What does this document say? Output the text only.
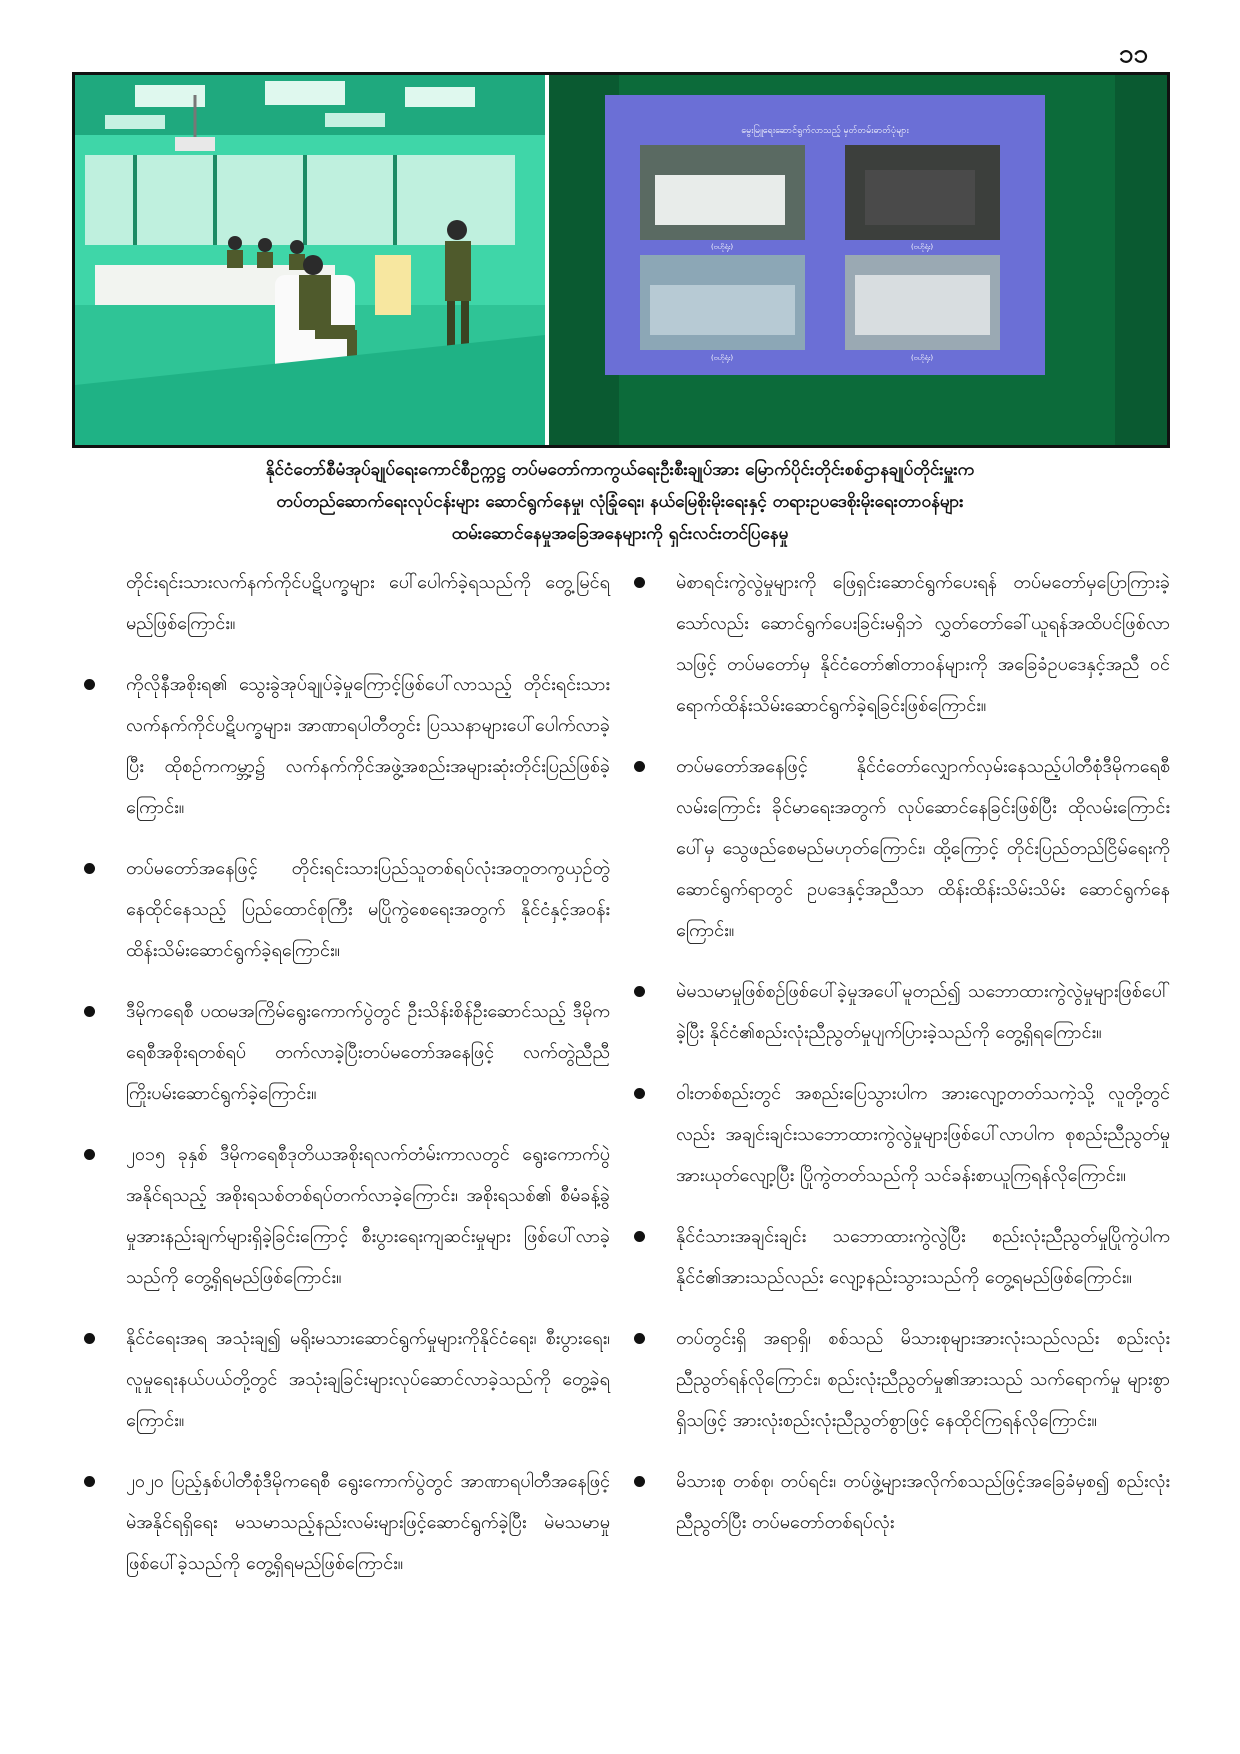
၁၁
မွေးမြူရေးဆောင်ရွက်လာသည့် မှတ်တမ်းဓာတ်ပုံများ
(ဗဟိုရုံး)	(ဗဟိုရုံး)
(ဗဟိုရုံး)	(ဗဟိုရုံး)
နိုင်ငံတော်စီမံအုပ်ချုပ်ရေးကောင်စီဥက္ကဋ္ဌ တပ်မတော်ကာကွယ်ရေးဦးစီးချုပ်အား မြောက်ပိုင်းတိုင်းစစ်ဌာနချုပ်တိုင်းမှူးက
တပ်တည်ဆောက်ရေးလုပ်ငန်းများ ဆောင်ရွက်နေမှု၊ လုံခြုံရေး၊ နယ်မြေစိုးမိုးရေးနှင့် တရားဥပဒေစိုးမိုးရေးတာဝန်များ
ထမ်းဆောင်နေမှုအခြေအနေများကို ရှင်းလင်းတင်ပြနေမှု
တိုင်းရင်းသားလက်နက်ကိုင်ပဋိပက္ခများ ပေါ်ပေါက်ခဲ့ရသည်ကို တွေ့မြင်ရမည်ဖြစ်ကြောင်း။
ကိုလိုနီအစိုးရ၏ သွေးခွဲအုပ်ချုပ်ခဲ့မှုကြောင့်ဖြစ်ပေါ်လာသည့် တိုင်းရင်းသားလက်နက်ကိုင်ပဋိပက္ခများ၊ အာဏာရပါတီတွင်း ပြဿနာများပေါ်ပေါက်လာခဲ့ပြီး ထိုစဉ်ကကမ္ဘာ့၌ လက်နက်ကိုင်အဖွဲ့အစည်းအများဆုံးတိုင်းပြည်ဖြစ်ခဲ့ကြောင်း။
တပ်မတော်အနေဖြင့် တိုင်းရင်းသားပြည်သူတစ်ရပ်လုံးအတူတကွယှဉ်တွဲနေထိုင်နေသည့် ပြည်ထောင်စုကြီး မပြိုကွဲစေရေးအတွက် နိုင်ငံနှင့်အဝန်း ထိန်းသိမ်းဆောင်ရွက်ခဲ့ရကြောင်း။
ဒီမိုကရေစီ ပထမအကြိမ်ရွေးကောက်ပွဲတွင် ဦးသိန်းစိန်ဦးဆောင်သည့် ဒီမိုကရေစီအစိုးရတစ်ရပ် တက်လာခဲ့ပြီးတပ်မတော်အနေဖြင့် လက်တွဲညီညီ ကြိုးပမ်းဆောင်ရွက်ခဲ့ကြောင်း။
၂၀၁၅ ခုနှစ် ဒီမိုကရေစီဒုတိယအစိုးရလက်တံမ်းကာလတွင် ရွေးကောက်ပွဲ အနိုင်ရသည့် အစိုးရသစ်တစ်ရပ်တက်လာခဲ့ကြောင်း၊ အစိုးရသစ်၏ စီမံခန့်ခွဲမှုအားနည်းချက်များရှိခဲ့ခြင်းကြောင့် စီးပွားရေးကျဆင်းမှုများ ဖြစ်ပေါ်လာခဲ့သည်ကို တွေ့ရှိရမည်ဖြစ်ကြောင်း။
နိုင်ငံရေးအရ အသုံးချ၍ မရိုးမသားဆောင်ရွက်မှုများကိုနိုင်ငံရေး၊ စီးပွားရေး၊ လူမှုရေးနယ်ပယ်တို့တွင် အသုံးချခြင်းများလုပ်ဆောင်လာခဲ့သည်ကို တွေ့ခဲ့ရကြောင်း။
၂၀၂၀ ပြည့်နှစ်ပါတီစုံဒီမိုကရေစီ ရွေးကောက်ပွဲတွင် အာဏာရပါတီအနေဖြင့် မဲအနိုင်ရရှိရေး မသမာသည့်နည်းလမ်းများဖြင့်ဆောင်ရွက်ခဲ့ပြီး မဲမသမာမှု ဖြစ်ပေါ်ခဲ့သည်ကို တွေ့ရှိရမည်ဖြစ်ကြောင်း။
မဲစာရင်းကွဲလွဲမှုများကို ဖြေရှင်းဆောင်ရွက်ပေးရန် တပ်မတော်မှပြောကြားခဲ့သော်လည်း ဆောင်ရွက်ပေးခြင်းမရှိဘဲ လွှတ်တော်ခေါ်ယူရန်အထိပင်ဖြစ်လာသဖြင့် တပ်မတော်မှ နိုင်ငံတော်၏တာဝန်များကို အခြေခံဥပဒေနှင့်အညီ ဝင်ရောက်ထိန်းသိမ်းဆောင်ရွက်ခဲ့ရခြင်းဖြစ်ကြောင်း။
တပ်မတော်အနေဖြင့် နိုင်ငံတော်လျှောက်လှမ်းနေသည့်ပါတီစုံဒီမိုကရေစီလမ်းကြောင်း ခိုင်မာရေးအတွက် လုပ်ဆောင်နေခြင်းဖြစ်ပြီး ထိုလမ်းကြောင်းပေါ်မှ သွေဖည်စေမည်မဟုတ်ကြောင်း၊ ထို့ကြောင့် တိုင်းပြည်တည်ငြိမ်ရေးကို ဆောင်ရွက်ရာတွင် ဥပဒေနှင့်အညီသာ ထိန်းထိန်းသိမ်းသိမ်း ဆောင်ရွက်နေကြောင်း။
မဲမသမာမှုဖြစ်စဉ်ဖြစ်ပေါ်ခဲ့မှုအပေါ်မူတည်၍ သဘောထားကွဲလွဲမှုများဖြစ်ပေါ်ခဲ့ပြီး နိုင်ငံ၏စည်းလုံးညီညွတ်မှုပျက်ပြားခဲ့သည်ကို တွေ့ရှိရကြောင်း။
ဝါးတစ်စည်းတွင် အစည်းပြေသွားပါက အားလျော့တတ်သကဲ့သို့ လူတို့တွင်လည်း အချင်းချင်းသဘောထားကွဲလွဲမှုများဖြစ်ပေါ်လာပါက စုစည်းညီညွတ်မှု အားယုတ်လျော့ပြီး ပြိုကွဲတတ်သည်ကို သင်ခန်းစာယူကြရန်လိုကြောင်း။
နိုင်ငံသားအချင်းချင်း သဘောထားကွဲလွဲပြီး စည်းလုံးညီညွတ်မှုပြိုကွဲပါက နိုင်ငံ၏အားသည်လည်း လျော့နည်းသွားသည်ကို တွေ့ရမည်ဖြစ်ကြောင်း။
တပ်တွင်းရှိ အရာရှိ၊ စစ်သည် မိသားစုများအားလုံးသည်လည်း စည်းလုံးညီညွတ်ရန်လိုကြောင်း၊ စည်းလုံးညီညွတ်မှု၏အားသည် သက်ရောက်မှု များစွာရှိသဖြင့် အားလုံးစည်းလုံးညီညွတ်စွာဖြင့် နေထိုင်ကြရန်လိုကြောင်း။
မိသားစု တစ်စု၊ တပ်ရင်း၊ တပ်ဖွဲ့များအလိုက်စသည်ဖြင့်အခြေခံမှစ၍ စည်းလုံးညီညွတ်ပြီး တပ်မတော်တစ်ရပ်လုံး
